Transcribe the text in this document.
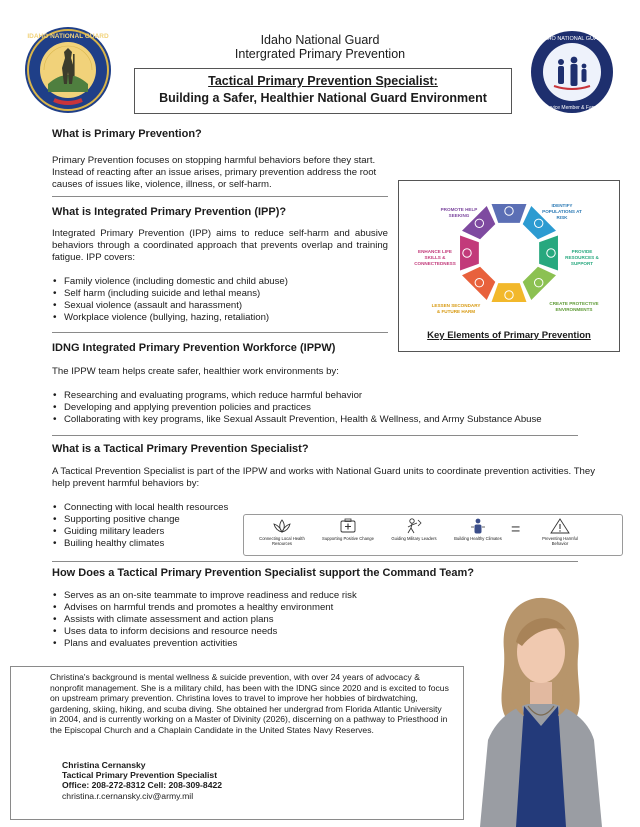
IDAHO NATIONAL GUARD	IDAHO NATIONAL GUARD
Service Member & Family
Idaho National Guard
Intergrated Primary Prevention
Tactical Primary Prevention Specialist:
Building a Safer, Healthier National Guard Environment
What is Primary Prevention?
Primary Prevention focuses on stopping harmful behaviors before they start. Instead of reacting after an issue arises, primary prevention address the root causes of issues like, violence, illness, or self-harm.
What is Integrated Primary Prevention (IPP)?
Integrated Primary Prevention (IPP) aims to reduce self-harm and abusive behaviors through a coordinated approach that prevents overlap and training fatigue. IPP covers:
• Family violence (including domestic and child abuse)
• Self harm (including suicide and lethal means)
• Sexual violence (assault and harassment)
• Workplace violence (bullying, hazing, retaliation)
PROMOTE HELP SEEKING
IDENTIFY POPULATIONS AT RISK
PROVIDE RESOURCES & SUPPORT
CREATE PROTECTIVE ENVIRONMENTS
LESSEN SECONDARY & FUTURE HARM
ENHANCE LIFE SKILLS & CONNECTEDNESS
Key Elements of Primary Prevention
IDNG Integrated Primary Prevention Workforce (IPPW)
The IPPW team helps create safer, healthier work environments by:
• Researching and evaluating programs, which reduce harmful behavior
• Developing and applying prevention policies and practices
• Collaborating with key programs, like Sexual Assault Prevention, Health & Wellness, and Army Substance Abuse
What is a Tactical Primary Prevention Specialist?
A Tactical Prevention Specialist is part of the IPPW and works with National Guard units to coordinate prevention activities. They help prevent harmful behaviors by:
• Connecting with local health resources
• Supporting positive change
• Guiding military leaders
• Builing healthy climates	Connecting Local Health Resources
Supporting Positive Change	Guiding Military Leaders	Building Healthy Climates
=
Preventing Harmful Behavior
How Does a Tactical Primary Prevention Specialist support the Command Team?
• Serves as an on-site teammate to improve readiness and reduce risk
• Advises on harmful trends and promotes a healthy environment
• Assists with climate assessment and action plans
• Uses data to inform decisions and resource needs
• Plans and evaluates prevention activities
Christina's background is mental wellness & suicide prevention, with over 24 years of advocacy & nonprofit management. She is a military child, has been with the IDNG since 2020 and is excited to focus on upstream primary prevention. Christina loves to travel to improve her hobbies of birdwatching, gardening, skiing, hiking, and scuba diving. She obtained her undergrad from Florida Atlantic University in 2004, and is currently working on a Master of Divinity (2026), discerning on a pathway to Priesthood in the Episcopal Church and a Chaplain Candidate in the United States Navy Reserves.
Christina Cernansky
Tactical Primary Prevention Specialist
Office: 208-272-8312 Cell: 208-309-8422
christina.r.cernansky.civ@army.mil
